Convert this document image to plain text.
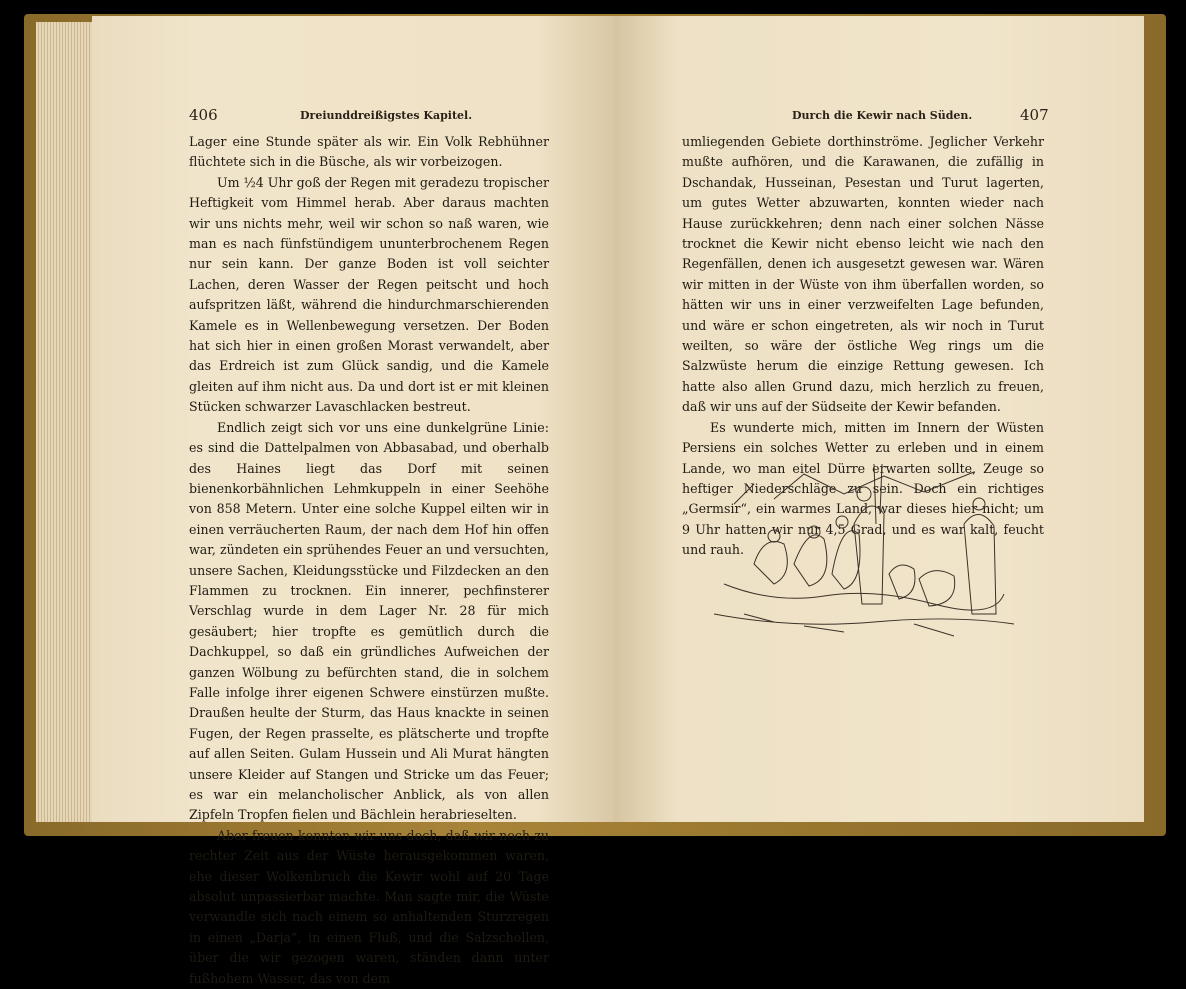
406	Dreiunddreißigstes Kapitel.

Lager eine Stunde später als wir. Ein Volk Rebhühner flüchtete sich in die Büsche, als wir vorbeizogen.

Um ½4 Uhr goß der Regen mit geradezu tropischer Heftigkeit vom Himmel herab. Aber daraus machten wir uns nichts mehr, weil wir schon so naß waren, wie man es nach fünfstündigem ununterbrochenem Regen nur sein kann. Der ganze Boden ist voll seichter Lachen, deren Wasser der Regen peitscht und hoch aufspritzen läßt, während die hindurchmarschierenden Kamele es in Wellenbewegung versetzen. Der Boden hat sich hier in einen großen Morast verwandelt, aber das Erdreich ist zum Glück sandig, und die Kamele gleiten auf ihm nicht aus. Da und dort ist er mit kleinen Stücken schwarzer Lavaschlacken bestreut.

Endlich zeigt sich vor uns eine dunkelgrüne Linie: es sind die Dattelpalmen von Abbasabad, und oberhalb des Haines liegt das Dorf mit seinen bienenkorbähnlichen Lehmkuppeln in einer Seehöhe von 858 Metern. Unter eine solche Kuppel eilten wir in einen verräucherten Raum, der nach dem Hof hin offen war, zündeten ein sprühendes Feuer an und versuchten, unsere Sachen, Kleidungsstücke und Filzdecken an den Flammen zu trocknen. Ein innerer, pechfinsterer Verschlag wurde in dem Lager Nr. 28 für mich gesäubert; hier tropfte es gemütlich durch die Dachkuppel, so daß ein gründliches Aufweichen der ganzen Wölbung zu befürchten stand, die in solchem Falle infolge ihrer eigenen Schwere einstürzen mußte. Draußen heulte der Sturm, das Haus knackte in seinen Fugen, der Regen prasselte, es plätscherte und tropfte auf allen Seiten. Gulam Hussein und Ali Murat hängten unsere Kleider auf Stangen und Stricke um das Feuer; es war ein melancholischer Anblick, als von allen Zipfeln Tropfen fielen und Bächlein herabrieselten.

Aber freuen konnten wir uns doch, daß wir noch zu rechter Zeit aus der Wüste herausgekommen waren, ehe dieser Wolkenbruch die Kewir wohl auf 20 Tage absolut unpassierbar machte. Man sagte mir, die Wüste verwandle sich nach einem so anhaltenden Sturzregen in einen „Darja“, in einen Fluß, und die Salzschollen, über die wir gezogen waren, ständen dann unter fußhohem Wasser, das von dem

Durch die Kewir nach Süden.	407

umliegenden Gebiete dorthinströme. Jeglicher Verkehr mußte aufhören, und die Karawanen, die zufällig in Dschandak, Husseinan, Pesestan und Turut lagerten, um gutes Wetter abzuwarten, konnten wieder nach Hause zurückkehren; denn nach einer solchen Nässe trocknet die Kewir nicht ebenso leicht wie nach den Regenfällen, denen ich ausgesetzt gewesen war. Wären wir mitten in der Wüste von ihm überfallen worden, so hätten wir uns in einer verzweifelten Lage befunden, und wäre er schon eingetreten, als wir noch in Turut weilten, so wäre der östliche Weg rings um die Salzwüste herum die einzige Rettung gewesen. Ich hatte also allen Grund dazu, mich herzlich zu freuen, daß wir uns auf der Südseite der Kewir befanden.

Es wunderte mich, mitten im Innern der Wüsten Persiens ein solches Wetter zu erleben und in einem Lande, wo man eitel Dürre erwarten sollte, Zeuge so heftiger Niederschläge zu sein. Doch ein richtiges „Germsir“, ein warmes Land, war dieses hier nicht; um 9 Uhr hatten wir nur 4,5 Grad, und es war kalt, feucht und rauh.
